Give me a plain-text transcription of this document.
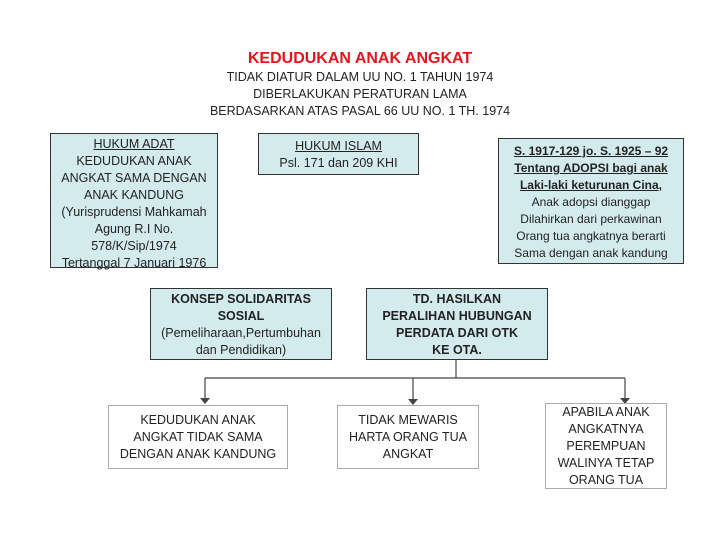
KEDUDUKAN ANAK ANGKAT
TIDAK DIATUR DALAM UU NO. 1 TAHUN 1974
DIBERLAKUKAN PERATURAN LAMA
BERDASARKAN ATAS PASAL 66 UU NO. 1 TH. 1974
HUKUM ADAT
KEDUDUKAN ANAK
ANGKAT SAMA DENGAN
ANAK KANDUNG
(Yurisprudensi Mahkamah
Agung R.I No.
578/K/Sip/1974
Tertanggal 7 Januari 1976
HUKUM ISLAM
Psl. 171 dan 209 KHI
S. 1917-129 jo. S. 1925 – 92
Tentang ADOPSI bagi anak
Laki-laki keturunan Cina,
Anak adopsi dianggap
Dilahirkan dari perkawinan
Orang tua angkatnya berarti
Sama dengan anak kandung
KONSEP SOLIDARITAS
SOSIAL
(Pemeliharaan,Pertumbuhan
dan Pendidikan)
TD. HASILKAN
PERALIHAN HUBUNGAN
PERDATA DARI OTK
KE OTA.
KEDUDUKAN ANAK
ANGKAT TIDAK SAMA
DENGAN ANAK KANDUNG
TIDAK MEWARIS
HARTA ORANG TUA
ANGKAT
APABILA ANAK
ANGKATNYA
PEREMPUAN
WALINYA TETAP
ORANG TUA
